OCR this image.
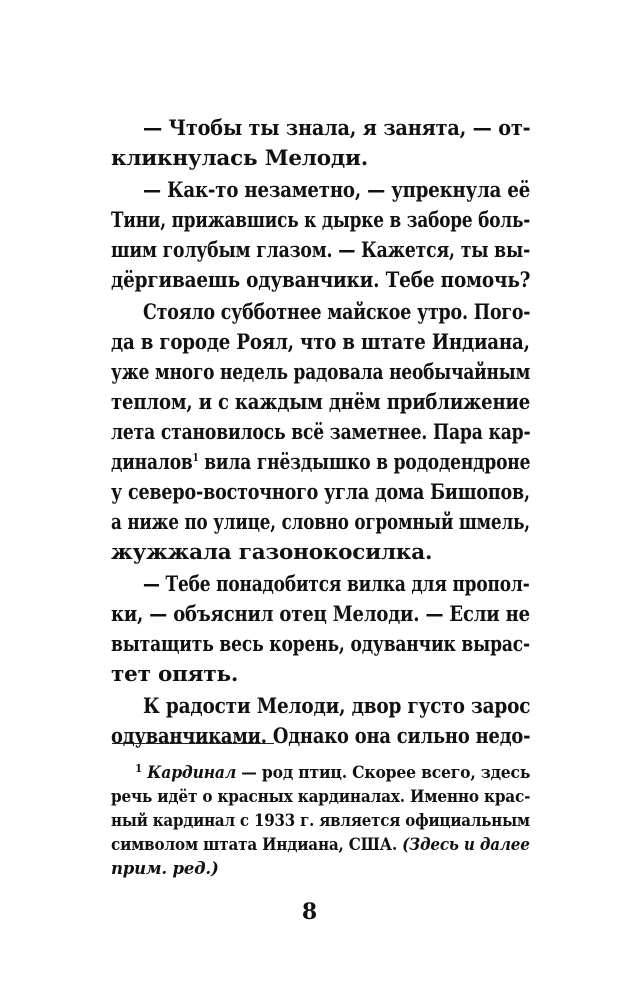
— Чтобы ты знала, я занята, — от-
кликнулась Мелоди.
— Как-то незаметно, — упрекнула её
Тини, прижавшись к дырке в заборе боль-
шим голубым глазом. — Кажется, ты вы-
дёргиваешь одуванчики. Тебе помочь?
Стояло субботнее майское утро. Пого-
да в городе Роял, что в штате Индиана,
уже много недель радовала необычайным
теплом, и с каждым днём приближение
лета становилось всё заметнее. Пара кар-
диналов$^1$ вила гнёздышко в рододендроне
у северо-восточного угла дома Бишопов,
а ниже по улице, словно огромный шмель,
жужжала газонокосилка.
— Тебе понадобится вилка для пропол-
ки, — объяснил отец Мелоди. — Если не
вытащить весь корень, одуванчик вырас-
тет опять.
К радости Мелоди, двор густо зарос
одуванчиками. Однако она сильно недо-
$^1$ Кардинал — род птиц. Скорее всего, здесь
речь идёт о красных кардиналах. Именно крас-
ный кардинал с 1933 г. является официальным
символом штата Индиана, США. (Здесь и далее
прим. ред.)
8
